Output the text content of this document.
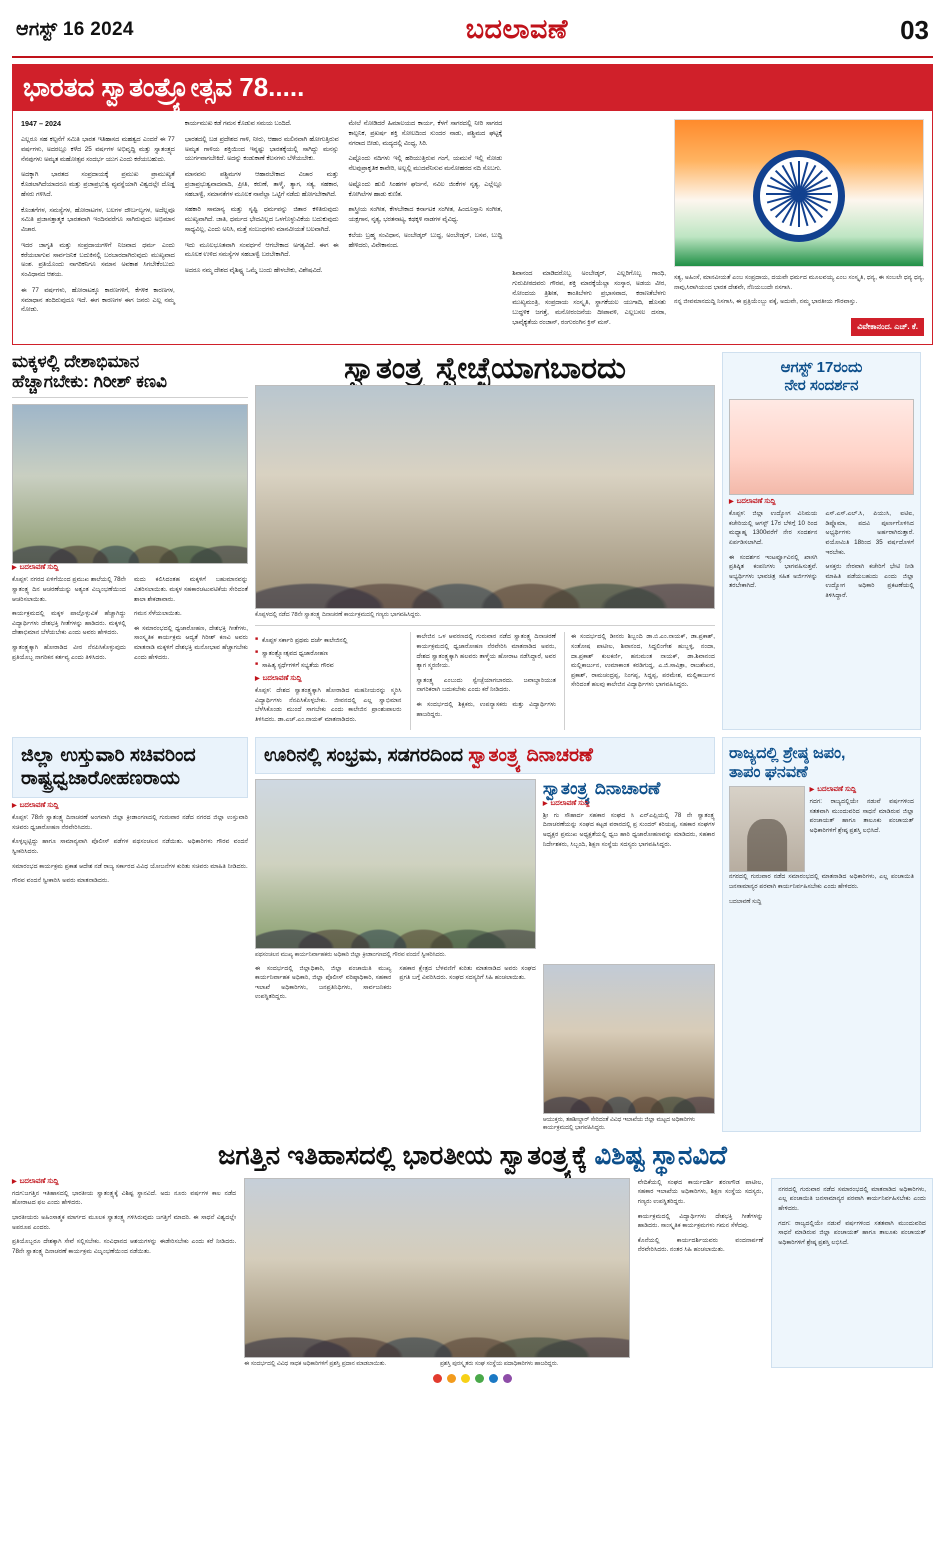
ಆಗಸ್ಟ್ 16 2024	ಬದಲಾವಣೆ	03
ಭಾರತದ ಸ್ವಾತಂತ್ರ್ಯೋತ್ಸವ 78.....
1947 – 2024

ಎಲ್ಲರೂ ಸಹ ಕಲ್ಪನೆಗೆ ಸಮಿತಿ ಭಾರತ ಇತಿಹಾಸದ ಮಹತ್ವದ ಎಂದರೆ ಈ 77 ವರ್ಷಗಳು, ಅದರಲ್ಲೂ ಕಳೆದ 25 ವರ್ಷಗಳ ಅಭಿವೃದ್ಧಿ ಮತ್ತು ಸ್ವಾತಂತ್ರ್ಯದ ನೆನಪುಗಳು ಅಮೃತ ಮಹೋತ್ಸವ ಸಂದರ್ಭ ಯುಗ ಎಂದು ಕರೆಯಬಹುದು.

ಅದಕ್ಕಾಗಿ ಭಾರತದ ಸಂಪ್ರದಾಯಕ್ಕೆ ಪ್ರಮುಖ ಪ್ರಾಮುಖ್ಯತೆ ಕೊಡಲಾಗಿದೆಯಾದರೂ ಮತ್ತು ಪ್ರಜಾಪ್ರಭುತ್ವ ವ್ಯವಸ್ಥೆಯಾಗಿ ವಿಶ್ವದಲ್ಲೇ ದೊಡ್ಡ ಹೆಸರು ಗಳಿಸಿದೆ.

ಕೊಂತಗೆಗಳ, ಸಮಸ್ಯೆಗಳ, ಹೋರಾಟಗಳ, ಬಲಗಳ ದೌರ್ಬಲ್ಯಗಳ, ಅದೆಲ್ಲವೂ ಸಮಿತಿ ಪ್ರಜಾಸತ್ತಾತ್ಮಕ ಭಾರತವಾಗಿ ಇಂದಿನವರೆಗೂ ಸಾಗಿರುವುದು ಅಭಿಮಾನ ವಿಚಾರ.

ಇದರ ಜಾಗೃತಿ ಮತ್ತು ಸಂಪ್ರದಾಯಗಳಿಗೆ ನಿಜವಾದ ಧರ್ಮ ಎಂದು ಕರೆಯಲಾಗುವ ಸಾರ್ವಜನಿಕ ಬದುಕಿನಲ್ಲಿ ಬರಬಾರದಾಗಿರುವುದು ಮುಖ್ಯವಾದ ಅಂಶ. ಪ್ರತಿಯೊಂದು ನಾಗರಿಕನಿಗೂ ಸಮಾನ ಅವಕಾಶ ಸಿಗಬೇಕೆಂಬುದು ಸಂವಿಧಾನದ ಆಶಯ.

ಈ 77 ವರ್ಷಗಳು, ಹೋರಾಟಕ್ಕೂ ಕಾರಣಗಳಿಗೆ, ಕೆಗಳಿಕ ಕಾರಣಗಳ, ಸಮಾಧಾನ ತಂದಿರುವುದೂ ಇದೆ. ಈಗ ಕಾರಣಗಳ ಈಗ ಜನರು ಎಲ್ಲ ನಮ್ಮ ನೋಡು.

ಕಾರ್ಯಮುಖ ಕಡೆ ಗಮನ ಕೊಡುವ ಸಮಯ ಬಂದಿದೆ.

ಭಾರತದಲ್ಲಿ ಬಡ ಪ್ರದೇಶದ ಗಾಳಿ, ನೀರು, ಆಹಾರ ಮಲಿನವಾಗಿ ಹೋಗುತ್ತಿರುವ ಅಮೃತ ಗಾಳಿಯ ಶಕ್ತಿಯಿಂದ ಇನ್ನಷ್ಟು ಭಾರತಕ್ಕೆಯಲ್ಲಿ ಸಾಗಿದ್ದು ಮನಸ್ಸು ಯುರ್ಗವಾಗಬೇಕಿದೆ. ಅದನ್ನು ಕಂಡುಕಾಣೆ ಕೆಲಸಗಳು ಬೆಳೆಯಬೇಕು.

ಮಾನವನು ಪಶ್ಚಿಮಗಳ ಆಹಾರಬೇಕಾದ ವಿಚಾರ ಮತ್ತು ಪ್ರಜಾಪ್ರಭುತ್ವವಾದವಾದಿ, ಪ್ರೀತಿ, ಕರುಣೆ, ತಾಳ್ಮೆ, ತ್ಯಾಗ, ಸತ್ಯ, ಸಹಕಾರ, ಸಹಬಾಳ್ವೆ, ಸಮಾನತೆಗಳ ಮೂಲಕ ನಾವೆಲ್ಲಾ ಒಟ್ಟಿಗೆ ನಡೆದು ಹೋಗಬೇಕಾಗಿದೆ.

ಸಹಕಾರಿ ಸಾಮಾನ್ಯ ಮತ್ತು ಸೃಷ್ಟಿ ಧರ್ಮವನ್ನು ಜಿತಾರ ಕಳಿತಿರುವುದು ಮುಖ್ಯವಾಗಿದೆ. ಜಾತಿ, ಧರ್ಮದ ಭೇದವಿಲ್ಲದ ಒಳಗೊಳ್ಳುವಿಕೆಯ ಬದುಕುವುದು ಸಾಧ್ಯವಿಲ್ಲ, ಎಂದು ಅನಿಸಿ, ಮತ್ತೆ ಸಂಬಂಧಗಳು ಮಾನವೀಯತೆ ಬಲವಾಗಿದೆ.

ಇದು ಮೂಲಭೂತವಾಗಿ ಸಂವರ್ಧನೆ ಆಗಬೇಕಾದ ಅಗತ್ಯವಿದೆ. ಈಗ ಈ ಮೂಲಕ ಉಳಿದ ಸಮಸ್ಯೆಗಳ ಸಹಬಾಳ್ವೆ ಬರಬೇಕಾಗಿದೆ.

ಅದರೂ ನಮ್ಮ ದೇಶದ ವೈಶಿಷ್ಟ್ಯ ಒಮ್ಮೆ ಬಂದು ಹೇಳಬೇಕು, ವಿಶೇಷವಿದೆ.

ಮೇಲೆ ನೋಡಿದರೆ ಹಿಮಾಲಯದ ಕಾರ್ಯ, ಕೆಳಗೆ ಸಾಗರದಲ್ಲಿ ನೀರಿ ಸಾಗರದ ಕಾಲ್ಪನಿಕ, ಪ್ರಖರ್ಷ ಶಕ್ತಿ ಸೋಲದಿಂದ ಸುಂದರ ನಾಡು, ಪಶ್ಚಿಮದ ಘಟ್ಟಕ್ಕೆ ನಗರಾದ ಬೀಡು, ಮದ್ಯದಲ್ಲಿ ವಿಂಧ್ಯ, ಸಿರಿ.

ಎಷ್ಟೊಂದು ನದಿಗಳು ಇಲ್ಲಿ ಹರಿಯುತ್ತಿರುವ ಗಂಗೆ, ಯಮುನೆ ಇಲ್ಲಿ ನೋಡು ನೆಲವುಪ್ರಾಕೃತಿಕ ಕಾವೇರಿ, ಅಲ್ಲಲ್ಲಿ ಮುದವೆನಿಸುವ ಮನೋಹರದ ನದಿ ಸೊಬಗು.

ಅಷ್ಟೊಂದು ಹುಲಿ ಸಿಂಹಗಳ ಘರ್ಜನೆ, ನವಿಲ ಜಿಂಕೆಗಳ ನೃತ್ಯ, ಎಲ್ಲೆಲ್ಲೂ ಕೋಗಿಲೆಗಳ ಹಾಡು ಕುಣಿತ.

ಶಾಸ್ತ್ರೀಯ ಸಂಗೀತ, ಕೇಳಬೇಕಾದ ಕರ್ನಾಟಕ ಸಂಗೀತ, ಹಿಂದೂಸ್ತಾನಿ ಸಂಗೀತ, ಯಕ್ಷಗಾನ, ನೃತ್ಯ, ಭರತನಾಟ್ಯ, ಕಥಕ್ಕಳಿ ನಾಡಗಳ ವೈವಿಧ್ಯ.

ಕಲೆಯ ಬ್ರಹ್ಮ ಸಂವಿಧಾನ, ಅಂಬೇಡ್ಕರ್ ಬುದ್ಧ, ಅಂಬೇಡ್ಕರ್, ಬಸವ, ಬುದ್ಧಿ ಹೇಳಿದರು, ವಿವೇಕಾನಂದ.

ಶಿವಾನಂದ ಮಾಡಿದರೊಬ್ಬ ಅಂಬೇಡ್ಕರ್, ಎಲ್ಲರಿಗೊಬ್ಬ ಗಾಂಧಿ, ಗುರುಪೀಠದವರು ಗೌರವ, ಶಕ್ತಿ ಮಾರಕ್ಕೆಯೆಲ್ಲಾ ಸಂಸ್ಕಾರ, ಅಡಯ ವೀರ, ನೋಂದಯ ತ್ರಿಶೀತ, ಕಾಂತಿಬೆಳಗು ಪ್ರಭಾಸವಾದ, ಕರಾಣತೆಬೆಳಗು ಮುಖ್ಯಮಂತ್ರಿ, ಸಂಪ್ರದಾಯ ಸಂಸ್ಕೃತಿ, ಸ್ಥಾಗಕೆಯಲ ಯುಗಾದಿ, ಹೊಸತು ಬುದ್ಧಳಿಕ ಜಗತ್ತೆ, ಮನೋರಂಜನೆಯ ದೀಪಾವಳಿ, ಎಲ್ಲಬಸಲ ದಸರಾ, ಭಾವೈಕ್ಯತೆಯ ರಂಜಾನ್, ರಂಗುರಂಗಿನ ಕ್ರಿಸ್ ಮಸ್.

ಸತ್ಯ, ಅಹಿಂಸೆ, ಮಾನವೀಯತೆ ಎಂಬ ಸಂಪ್ರದಾಯ, ದಯವೇ ಧರ್ಮದ ಮೂಲವಯ್ಯ ಎಂಬ ಸಂಸ್ಕೃತಿ, ಧನ್ಯ, ಈ ಸಂಬಲೇ ಧನ್ಯ ಧನ್ಯ, ನಾವು,ಸಿರಾಗಿಯಂದ ಭಾರತ ದೇಶವೇ, ನೆನಿಯಬುದೇ ನಸಗಾಸಿ.

ನನ್ನ ಜೀವಮಾನದುದ್ದಿ ನಿಸಗಾಸಿ, ಈ ಪ್ರತ್ರಿಯೆಂಬ್ಬು ವಕ್ಕೆ, ಅದುವೇ, ನಮ್ಮ ಭಾರತೀಯ ಗೌರವಾಸ್ತು.

ವಿವೇಕಾನಂದ. ಎಚ್. ಕೆ.
ಮಕ್ಕಳಲ್ಲಿ ದೇಶಾಭಿಮಾನ
ಹೆಚ್ಚಾಗಬೇಕು: ಗಿರೀಶ್ ಕಣವಿ
▶ ಬದಲಾವಣೆ ಸುದ್ದಿ

ಕೊಪ್ಪಳ: ನಗರದ ಏಳಿಗೆಯಿಂದ ಪ್ರಮುಖ ಶಾಲೆಯಲ್ಲಿ 78ನೇ ಸ್ವಾತಂತ್ರ್ಯ ದಿನ ಆಚರಣೆಯನ್ನು ಅತ್ಯಂತ ವಿಜೃಂಭಣೆಯಿಂದ ಆಚರಿಸಲಾಯಿತು.

ಕಾರ್ಯಕ್ರಮದಲ್ಲಿ ಮಕ್ಕಳ ಪಾಲ್ಗೊಳ್ಳುವಿಕೆ ಹೆಚ್ಚಾಗಿದ್ದು ವಿದ್ಯಾರ್ಥಿಗಳು ದೇಶಭಕ್ತಿ ಗೀತೆಗಳನ್ನು ಹಾಡಿದರು. ಮಕ್ಕಳಲ್ಲಿ ದೇಶಾಭಿಮಾನ ಬೆಳೆಯಬೇಕು ಎಂದು ಅವರು ಹೇಳಿದರು.

ಸ್ವಾತಂತ್ರ್ಯಕ್ಕಾಗಿ ಹೋರಾಡಿದ ವೀರ ನೆನಪಿಸಿಕೊಳ್ಳುವುದು ಪ್ರತಿಯೊಬ್ಬ ನಾಗರಿಕನ ಕರ್ತವ್ಯ ಎಂದು ತಿಳಿಸಿದರು.

ಮದು ಕಲಿಸಿದಂತಹ ಮಕ್ಕಳಿಗೆ ಬಹುಮಾನವನ್ನು ವಿತರಿಸಲಾಯಿತು. ಮಕ್ಕಳ ಸಹಕಾರಚಟುವಟಿಕೆಯ ಸೇರಿದಂತೆ ಶಾಲಾ ಶೇಕಡಾವಾರು.

ಗಮನ ಸೆಳೆಯಲಾಯಿತು.

ಈ ಸಮಾರಂಭದಲ್ಲಿ ಧ್ವಜಾರೋಹಣ, ದೇಶಭಕ್ತಿ ಗೀತೆಗಳು, ಸಾಂಸ್ಕೃತಿಕ ಕಾರ್ಯಕ್ರಮ ಆದ್ಯತೆ ಗಿರೀಶ್ ಕಣವಿ ಅವರು ಮಾತನಾಡಿ ಮಕ್ಕಳಿಗೆ ದೇಶಭಕ್ತಿ ಮನೋಭಾವ ಹೆಚ್ಚಾಗಬೇಕು ಎಂದು ಹೇಳಿದರು.

ಸ್ವಾತಂತ್ರ್ಯ ಸ್ವೇಚ್ಛೆಯಾಗಬಾರದು
ಕೊಪ್ಪಳದಲ್ಲಿ ನಡೆದ 78ನೇ ಸ್ವಾತಂತ್ರ್ಯ ದಿನಾಚರಣೆ ಕಾರ್ಯಕ್ರಮದಲ್ಲಿ ಗಣ್ಯರು ಭಾಗವಹಿಸಿದ್ದರು.
■ ಕೊಪ್ಪಳ ಸರ್ಕಾರಿ ಪ್ರಥಮ ದರ್ಜೆ ಕಾಲೇಜಿನಲ್ಲಿ
■ ಸ್ವಾತಂತ್ರ್ಯೋತ್ಸವದ ಧ್ವಜಾರೋಹಣ
■ ಸಾಹಿತ್ಯ ಸ್ಪರ್ಧೆಗಳಿಗೆ ಸಭ್ಯತೆಯ ಗೌರವ
▶ ಬದಲಾವಣೆ ಸುದ್ದಿ

ಕೊಪ್ಪಳ: ದೇಶದ ಸ್ವಾತಂತ್ರ್ಯಕ್ಕಾಗಿ ಹೋರಾಡಿದ ಮಹನೀಯರನ್ನು ಸ್ಮರಿಸಿ ವಿದ್ಯಾರ್ಥಿಗಳು ನೆನಪಿಸಿಕೊಳ್ಳಬೇಕು. ಜೀವನದಲ್ಲಿ ಎಲ್ಲ ಸ್ವಾಭಿಮಾನ ಬೆಳೆಸಿಕೊಂಡು ಮುಂದೆ ಸಾಗಬೇಕು ಎಂದು ಕಾಲೇಜಿನ ಪ್ರಾಂಶುಪಾಲರು ತಿಳಿಸಿದರು. ಡಾ.ಎಚ್.ಎಂ.ನಾಯಕ್ ಮಾತನಾಡಿದರು.

ಕಾಲೇಜಿನ ಒಳ ಆವರಣದಲ್ಲಿ ಗುರುವಾರ ನಡೆದ ಸ್ವಾತಂತ್ರ್ಯ ದಿನಾಚರಣೆ ಕಾರ್ಯಕ್ರಮದಲ್ಲಿ ಧ್ವಜಾರೋಹಣ ನೆರವೇರಿಸಿ ಮಾತನಾಡಿದ ಅವರು, ದೇಶದ ಸ್ವಾತಂತ್ರ್ಯಕ್ಕಾಗಿ ಹಲವರು ತಾಳ್ಮೆಯ ಹೋರಾಟ ನಡೆಸಿದ್ದಾರೆ, ಅವರ ತ್ಯಾಗ ಸ್ಮರಣೀಯ.

ಸ್ವಾತಂತ್ರ್ಯ ಎಂಬುದು ಸ್ವೇಚ್ಛೆಯಾಗಬಾರದು. ಜವಾಬ್ದಾರಿಯುತ ನಾಗರಿಕರಾಗಿ ಬದುಕಬೇಕು ಎಂದು ಕರೆ ನೀಡಿದರು.

ಈ ಸಂದರ್ಭದಲ್ಲಿ ಶಿಕ್ಷಕರು, ಉಪನ್ಯಾಸಕರು ಮತ್ತು ವಿದ್ಯಾರ್ಥಿಗಳು ಹಾಜರಿದ್ದರು.

ಈ ಸಂದರ್ಭದಲ್ಲಿ ಡೀನರು ಶಿಬ್ಬಂದಿ ಡಾ.ಬಿ.ಎಂ.ನಾಯಕ್, ಡಾ.ಪ್ರಕಾಶ್, ಸಂತೋಷ ಪಾಟೀಲ, ಶಿವಾನಂದ, ಸಿದ್ದಲಿಂಗೇಶ ಹುಬ್ಬಳ್ಳಿ, ನಂದಾ, ದಾ.ಪ್ರಕಾಶ್ ಕುಲಕರ್ಣಿ, ಹನುಮಂತ ನಾಯಕ್, ಡಾ.ಶಿವಾನಂದ ಮಲ್ಲಿಕಾರ್ಜುನ, ಉಮಾಕಾಂತ ಕರಡಿಗುದ್ದ, ಎ.ಜಿ.ಸಾವಿತ್ರಾ, ರಾಜಶೇಖರ, ಪ್ರಕಾಶ್, ರಾಮಚಂದ್ರಪ್ಪ, ನಿಂಗಪ್ಪ, ಸಿದ್ದಪ್ಪ, ಪರಮೇಶ, ಮಲ್ಲಿಕಾರ್ಜುನ ಸೇರಿದಂತೆ ಹಲವು ಕಾಲೇಜಿನ ವಿದ್ಯಾರ್ಥಿಗಳು ಭಾಗವಹಿಸಿದ್ದರು.

ಆಗಸ್ಟ್ 17ರಂದು
ನೇರ ಸಂದರ್ಶನ
▶ ಬದಲಾವಣೆ ಸುದ್ದಿ

ಕೊಪ್ಪಳ: ಜಿಲ್ಲಾ ಉದ್ಯೋಗ ವಿನಿಮಯ ಕಚೇರಿಯಲ್ಲಿ ಆಗಸ್ಟ್ 17ರ ಬೆಳಿಗ್ಗೆ 10 ರಿಂದ ಮಧ್ಯಾಹ್ನ 1300ವರೆಗೆ ನೇರ ಸಂದರ್ಶನ ಏರ್ಪಡಿಸಲಾಗಿದೆ.

ಈ ಸಂದರ್ಶನ ಇಂಟರ್ವ್ಯೂವಿನಲ್ಲಿ ಖಾಸಗಿ ಪ್ರತಿಷ್ಠಿತ ಕಂಪನಿಗಳು ಭಾಗವಹಿಸುತ್ತವೆ. ಅಭ್ಯರ್ಥಿಗಳು ಭಾವಚಿತ್ರ ಸಹಿತ ಅರ್ಜಿಗಳನ್ನು ತರಬೇಕಾಗಿದೆ.

ಎಸ್.ಎಸ್.ಎಲ್.ಸಿ, ಪಿಯುಸಿ, ಐಟಿಐ, ಡಿಪ್ಲೊಮಾ, ಪದವಿ ಪೂರ್ಣಗೊಳಿಸಿದ ಅಭ್ಯರ್ಥಿಗಳು ಅರ್ಹರಾಗಿರುತ್ತಾರೆ. ವಯೋಮಿತಿ 18ರಿಂದ 35 ವರ್ಷದೊಳಗೆ ಇರಬೇಕು.

ಆಸಕ್ತರು ನೇರವಾಗಿ ಕಚೇರಿಗೆ ಭೇಟಿ ನೀಡಿ ಮಾಹಿತಿ ಪಡೆಯಬಹುದು ಎಂದು ಜಿಲ್ಲಾ ಉದ್ಯೋಗ ಅಧಿಕಾರಿ ಪ್ರಕಟಣೆಯಲ್ಲಿ ತಿಳಿಸಿದ್ದಾರೆ.

ಜಿಲ್ಲಾ ಉಸ್ತುವಾರಿ ಸಚಿವರಿಂದ ರಾಷ್ಟ್ರಧ್ವಜಾರೋಹಣರಾಯ
▶ ಬದಲಾವಣೆ ಸುದ್ದಿ

ಕೊಪ್ಪಳ: 78ನೇ ಸ್ವಾತಂತ್ರ್ಯ ದಿನಾಚರಣೆ ಅಂಗವಾಗಿ ಜಿಲ್ಲಾ ಕ್ರೀಡಾಂಗಣದಲ್ಲಿ ಗುರುವಾರ ನಡೆದ ನಗರದ ಜಿಲ್ಲಾ ಉಸ್ತುವಾರಿ ಸಚಿವರು ಧ್ವಜಾರೋಹಣ ನೆರವೇರಿಸಿದರು.

ಕೊಳ್ಳಲ್ಪಟ್ಟಿದ್ದು ಹಾಗೂ ಸಾಮಾನ್ಯವಾಗಿ ಪೊಲೀಸ್ ಪಡೆಗಳ ಪಥಸಂಚಲನ ನಡೆಯಿತು. ಅಧಿಕಾರಿಗಳು ಗೌರವ ವಂದನೆ ಸ್ವೀಕರಿಸಿದರು.

ಸಮಾರಂಭದ ಕಾರ್ಯಕ್ರಮ ಪ್ರಕಾಶ ಆದೇಶ ನಡೆ ರಾಜ್ಯ ಸರ್ಕಾರದ ವಿವಿಧ ಯೋಜನೆಗಳ ಕುರಿತು ಸಚಿವರು ಮಾಹಿತಿ ನೀಡಿದರು.

ಗೌರವ ವಂದನೆ ಸ್ವೀಕಾರಿಸಿ ಅವರು ಮಾತನಾಡಿದರು.

ಊರಿನಲ್ಲಿ ಸಂಭ್ರಮ, ಸಡಗರದಿಂದ ಸ್ವಾತಂತ್ರ್ಯ ದಿನಾಚರಣೆ
ಪಥಸಂಚಲನ ಮುಖ್ಯ ಕಾರ್ಯನಿರ್ವಾಹಕರು ಅಧಿಕಾರಿ ಜಿಲ್ಲಾ ಕ್ರೀಡಾಂಗಣದಲ್ಲಿ ಗೌರವ ವಂದನೆ ಸ್ವೀಕರಿಸಿದರು.
ಸ್ವಾತಂತ್ರ್ಯ ದಿನಾಚಾರಣೆ
▶ ಬದಲಾವಣೆ ಸುದ್ದಿ

ಶ್ರೀ ಗು ಸೌಹಾರ್ದ ಸಹಕಾರ ಸಂಘದ ಸಿ ಎನ್ಎಫ್ಸಿಯಲ್ಲಿ 78 ನೇ ಸ್ವಾತಂತ್ರ್ಯ ದಿನಾಚರಣೆಯನ್ನು ಸಂಘದ ಕಟ್ಟಡ ವಠಾರದಲ್ಲಿ ಪ್ರ ಸುಂದರ್ ಕರಿಯಪ್ಪ, ಸಹಕಾರ ಸಂಘಗಳ ಅಧ್ಯಕ್ಷರ ಪ್ರಮುಖ ಅಧ್ಯಕ್ಷತೆಯಲ್ಲಿ ಧ್ವಜ ಹಾರಿ ಧ್ವಜಾರೋಹಣವನ್ನು ಮಾಡಿದರು, ಸಹಕಾರ ನಿರ್ದೇಶಕರು, ಸಿಬ್ಬಂದಿ, ಶಿಕ್ಷಣ ಸಂಸ್ಥೆಯ ಸದಸ್ಯರು ಭಾಗವಹಿಸಿದ್ದರು.

ಈ ಸಂದರ್ಭದಲ್ಲಿ ಜಿಲ್ಲಾಧಿಕಾರಿ, ಜಿಲ್ಲಾ ಪಂಚಾಯಿತಿ ಮುಖ್ಯ ಕಾರ್ಯನಿರ್ವಾಹಕ ಅಧಿಕಾರಿ, ಜಿಲ್ಲಾ ಪೊಲೀಸ್ ವರಿಷ್ಠಾಧಿಕಾರಿ, ಸಹಕಾರ ಇಲಾಖೆ ಅಧಿಕಾರಿಗಳು, ಜನಪ್ರತಿನಿಧಿಗಳು, ಸಾರ್ವಜನಿಕರು ಉಪಸ್ಥಿತರಿದ್ದರು.

ಸಹಕಾರ ಕ್ಷೇತ್ರದ ಬೆಳವಣಿಗೆ ಕುರಿತು ಮಾತನಾಡಿದ ಅವರು ಸಂಘದ ಪ್ರಗತಿ ಬಗ್ಗೆ ವಿವರಿಸಿದರು. ಸಂಘದ ಸದಸ್ಯರಿಗೆ ಸಿಹಿ ಹಂಚಲಾಯಿತು.

ಆಯುಕ್ತರು, ತಹಶೀಲ್ದಾರ್ ಸೇರಿದಂತೆ ವಿವಿಧ ಇಲಾಖೆಯ ಜಿಲ್ಲಾ ಮಟ್ಟದ ಅಧಿಕಾರಿಗಳು ಕಾರ್ಯಕ್ರಮದಲ್ಲಿ ಭಾಗವಹಿಸಿದ್ದರು.
ರಾಜ್ಯದಲ್ಲಿ ಶ್ರೇಷ್ಠ ಜಪಂ,
ತಾಪಂ ಘನವಣೆ
▶ ಬದಲಾವಣೆ ಸುದ್ದಿ

ಗದಗ: ರಾಜ್ಯದಲ್ಲಿಯೇ ನಡುವೆ ವರ್ಷಗಳಿಂದ ಸತತವಾಗಿ ಮುಂದುವರಿದ ಸಾಧನೆ ಮಾಡಿರುವ ಜಿಲ್ಲಾ ಪಂಚಾಯತ್ ಹಾಗೂ ತಾಲೂಕು ಪಂಚಾಯತ್ ಅಧಿಕಾರಿಗಳಿಗೆ ಶ್ರೇಷ್ಠ ಪ್ರಶಸ್ತಿ ಲಭಿಸಿದೆ.

ನಗರದಲ್ಲಿ ಗುರುವಾರ ನಡೆದ ಸಮಾರಂಭದಲ್ಲಿ ಮಾತನಾಡಿದ ಅಧಿಕಾರಿಗಳು, ಎಲ್ಲ ಪಂಚಾಯಿತಿ ಜನಸಾಮಾನ್ಯರ ಪರವಾಗಿ ಕಾರ್ಯನಿರ್ವಹಿಸಬೇಕು ಎಂದು ಹೇಳಿದರು.

ಬದಲಾವಣೆ ಸುದ್ದಿ
ಜಗತ್ತಿನ ಇತಿಹಾಸದಲ್ಲಿ ಭಾರತೀಯ ಸ್ವಾತಂತ್ರ್ಯಕ್ಕೆ ವಿಶಿಷ್ಟ ಸ್ಥಾನವಿದೆ
▶ ಬದಲಾವಣೆ ಸುದ್ದಿ

ಗದಗ:ಜಗತ್ತಿನ ಇತಿಹಾಸದಲ್ಲಿ ಭಾರತೀಯ ಸ್ವಾತಂತ್ರ್ಯಕ್ಕೆ ವಿಶಿಷ್ಟ ಸ್ಥಾನವಿದೆ. ಅದು ನೂರು ವರ್ಷಗಳ ಕಾಲ ನಡೆದ ಹೋರಾಟದ ಫಲ ಎಂದು ಹೇಳಿದರು.

ಭಾರತೀಯರು ಅಹಿಂಸಾತ್ಮಕ ಮಾರ್ಗದ ಮೂಲಕ ಸ್ವಾತಂತ್ರ್ಯ ಗಳಿಸಿರುವುದು ಜಗತ್ತಿಗೆ ಮಾದರಿ. ಈ ಸಾಧನೆ ವಿಶ್ವದಲ್ಲೇ ಅಪರೂಪ ಎಂದರು.

ಪ್ರತಿಯೊಬ್ಬರೂ ದೇಶಕ್ಕಾಗಿ ಸೇವೆ ಸಲ್ಲಿಸಬೇಕು. ಸಂವಿಧಾನದ ಆಶಯಗಳನ್ನು ಈಡೇರಿಸಬೇಕು ಎಂದು ಕರೆ ನೀಡಿದರು. 78ನೇ ಸ್ವಾತಂತ್ರ್ಯ ದಿನಾಚರಣೆ ಕಾರ್ಯಕ್ರಮ ವಿಜೃಂಭಣೆಯಿಂದ ನಡೆಯಿತು.

ಈ ಸಂದರ್ಭದಲ್ಲಿ ವಿವಿಧ ಸಾಧಕ ಅಧಿಕಾರಿಗಳಿಗೆ ಪ್ರಶಸ್ತಿ ಪ್ರದಾನ ಮಾಡಲಾಯಿತು.	ಪ್ರಶಸ್ತಿ ಪುರಸ್ಕೃತರು ಸಂಘ ಸಂಸ್ಥೆಯ ಪದಾಧಿಕಾರಿಗಳು ಹಾಜರಿದ್ದರು.

ವೇದಿಕೆಯಲ್ಲಿ ಸಂಘದ ಕಾರ್ಯದರ್ಶಿ ಶರಣಗೌಡ ಪಾಟೀಲ, ಸಹಕಾರ ಇಲಾಖೆಯ ಅಧಿಕಾರಿಗಳು, ಶಿಕ್ಷಣ ಸಂಸ್ಥೆಯ ಸದಸ್ಯರು, ಗಣ್ಯರು ಉಪಸ್ಥಿತರಿದ್ದರು.

ಕಾರ್ಯಕ್ರಮದಲ್ಲಿ ವಿದ್ಯಾರ್ಥಿಗಳು ದೇಶಭಕ್ತಿ ಗೀತೆಗಳನ್ನು ಹಾಡಿದರು. ಸಾಂಸ್ಕೃತಿಕ ಕಾರ್ಯಕ್ರಮಗಳು ಗಮನ ಸೆಳೆದವು.

ಕೊನೆಯಲ್ಲಿ ಕಾರ್ಯದರ್ಶಿಯವರು ವಂದನಾರ್ಪಣೆ ನೆರವೇರಿಸಿದರು. ನಂತರ ಸಿಹಿ ಹಂಚಲಾಯಿತು.

ನಗರದಲ್ಲಿ ಗುರುವಾರ ನಡೆದ ಸಮಾರಂಭದಲ್ಲಿ ಮಾತನಾಡಿದ ಅಧಿಕಾರಿಗಳು, ಎಲ್ಲ ಪಂಚಾಯಿತಿ ಜನಸಾಮಾನ್ಯರ ಪರವಾಗಿ ಕಾರ್ಯನಿರ್ವಹಿಸಬೇಕು ಎಂದು ಹೇಳಿದರು.

ಗದಗ: ರಾಜ್ಯದಲ್ಲಿಯೇ ನಡುವೆ ವರ್ಷಗಳಿಂದ ಸತತವಾಗಿ ಮುಂದುವರಿದ ಸಾಧನೆ ಮಾಡಿರುವ ಜಿಲ್ಲಾ ಪಂಚಾಯತ್ ಹಾಗೂ ತಾಲೂಕು ಪಂಚಾಯತ್ ಅಧಿಕಾರಿಗಳಿಗೆ ಶ್ರೇಷ್ಠ ಪ್ರಶಸ್ತಿ ಲಭಿಸಿದೆ.
